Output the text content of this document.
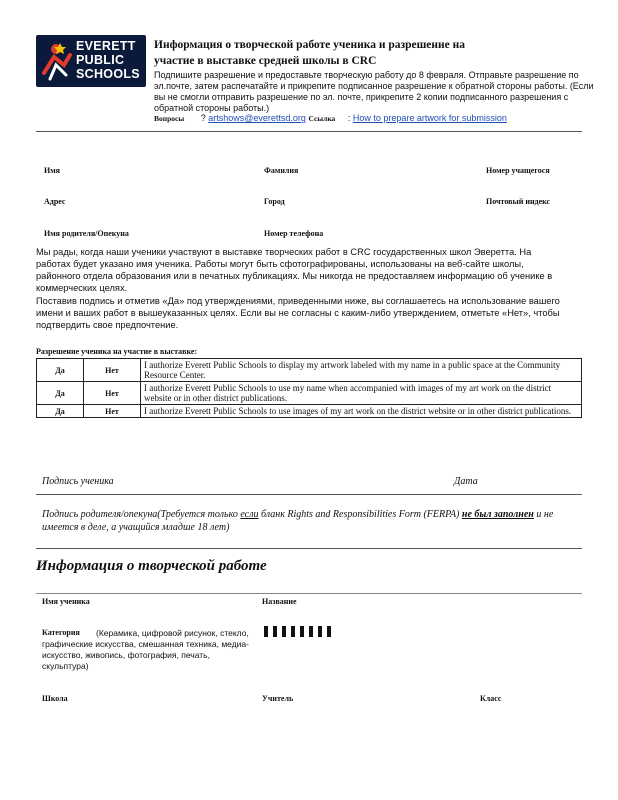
EVERETT
PUBLIC
SCHOOLS
Информация о творческой работе ученика и разрешение на
участие в выставке средней школы в CRC
Подпишите разрешение и предоставьте творческую работу до 8 февраля. Отправьте разрешение по эл.почте, затем распечатайте и прикрепите подписанное разрешение к обратной стороны работы. (Если вы не смогли отправить разрешение по эл. почте, прикрепите 2 копии подписанного разрешения с обратной стороны работы.)
Вопросы ? artshows@everettsd.org Ссылка : How to prepare artwork for submission
Имя	Фамилия	Номер учащегося
Адрес	Город	Почтовый индекс
Имя родителя/Опекуна	Номер телефона
Мы рады, когда наши ученики участвуют в выставке творческих работ в CRC государственных школ Эверетта. На работах будет указано имя ученика. Работы могут быть сфотографированы, использованы на веб-сайте школы, районного отдела образования или в печатных публикациях. Мы никогда не предоставляем информацию об ученике в коммерческих целях.
Поставив подпись и отметив «Да» под утверждениями, приведенными ниже, вы соглашаетесь на использование вашего имени и ваших работ в вышеуказанных целях. Если вы не согласны с каким-либо утверждением, отметьте «Нет», чтобы подтвердить свое предпочтение.
Разрешение ученика на участие в выставке:
Да	Нет	I authorize Everett Public Schools to display my artwork labeled with my name in a public space at the Community Resource Center.
Да	Нет	I authorize Everett Public Schools to use my name when accompanied with images of my art work on the district website or in other district publications.
Да	Нет	I authorize Everett Public Schools to use images of my art work on the district website or in other district publications.
Подпись ученика	Дата
Подпись родителя/опекуна(Требуется только если бланк Rights and Responsibilities Form (FERPA) не был заполнен и не имеется в деле, а учащийся младше 18 лет)
Информация о творческой работе
Имя ученика	Название
Категория	(Керамика, цифровой рисунок, стекло, графические искусства, смешанная техника, медиа-искусство, живопись, фотография, печать, скульптура)
Школа	Учитель	Класс
